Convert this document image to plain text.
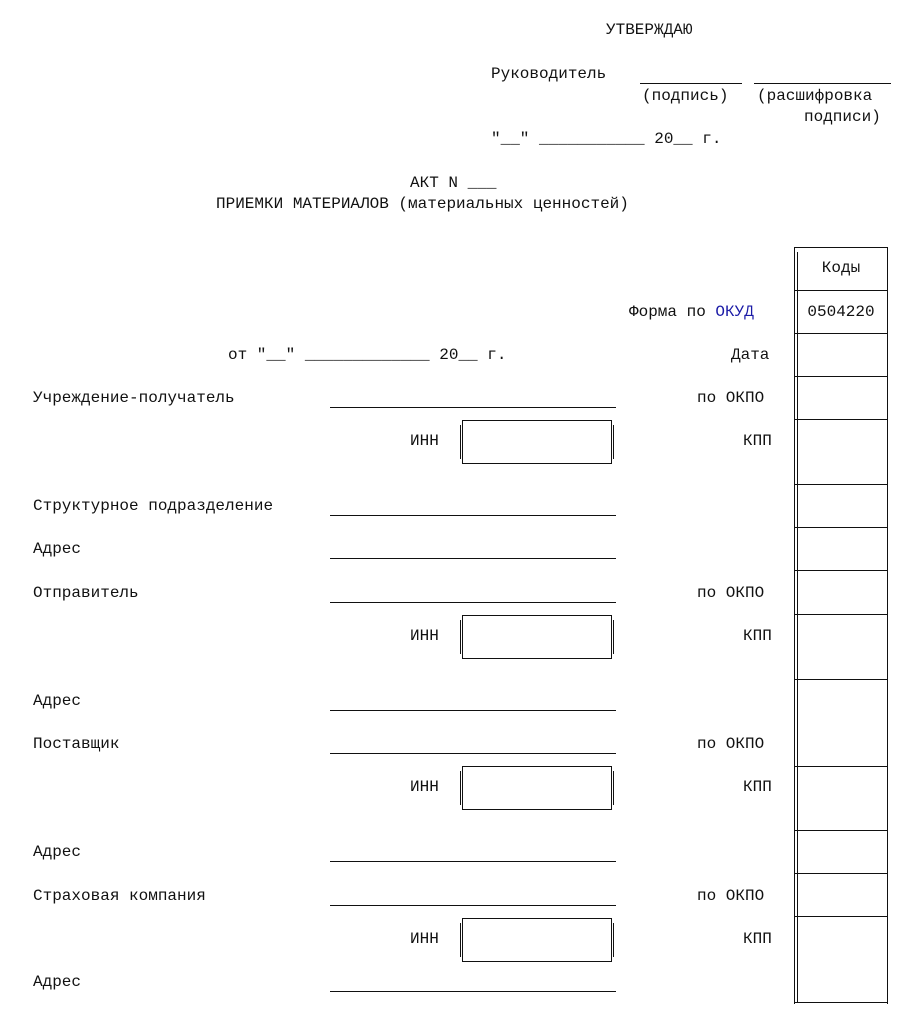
УТВЕРЖДАЮ
Руководитель
(подпись) (расшифровка
подписи)
"__" ___________ 20__ г.
АКТ N ___
ПРИЕМКИ МАТЕРИАЛОВ (материальных ценностей)
Коды
0504220
Форма по ОКУД
Дата
по ОКПО
КПП
по ОКПО
КПП
по ОКПО
КПП
по ОКПО
КПП
от "__" _____________ 20__ г.
Учреждение-получатель
ИНН
Структурное подразделение
Адрес
Отправитель
ИНН
Адрес
Поставщик
ИНН
Адрес
Страховая компания
ИНН
Адрес
